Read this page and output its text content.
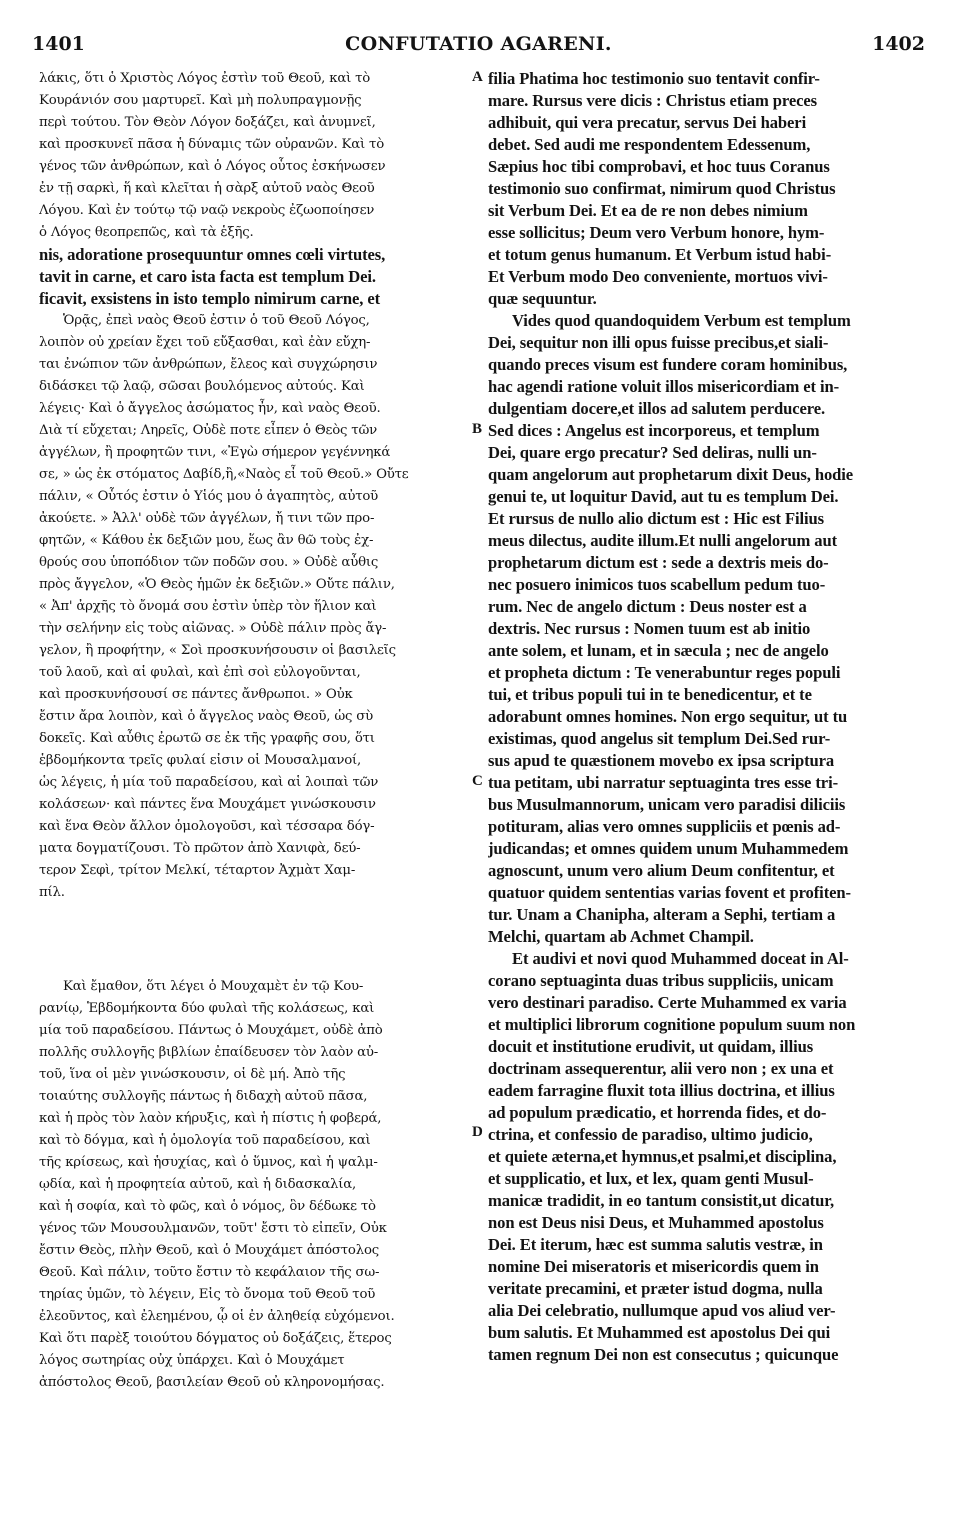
1401	CONFUTATIO AGARENI.	1402
λάκις, ὅτι ὁ Χριστὸς Λόγος ἐστὶν τοῦ Θεοῦ, καὶ τὸ
Κουράνιόν σου μαρτυρεῖ. Καὶ μὴ πολυπραγμονῇς
περὶ τούτου. Τὸν Θεὸν Λόγον δοξάζει, καὶ ἀνυμνεῖ,
καὶ προσκυνεῖ πᾶσα ἡ δύναμις τῶν οὐρανῶν. Καὶ τὸ
γένος τῶν ἀνθρώπων, καὶ ὁ Λόγος οὗτος ἐσκήνωσεν
ἐν τῇ σαρκὶ, ἥ καὶ κλεῖται ἡ σὰρξ αὐτοῦ ναὸς Θεοῦ
Λόγου. Καὶ ἐν τούτῳ τῷ ναῷ νεκροὺς ἐζωοποίησεν
ὁ Λόγος θεοπρεπῶς, καὶ τὰ ἑξῆς.
nis, adoratione prosequuntur omnes cœli virtutes,
tavit in carne, et caro ista facta est templum Dei.
ficavit, exsistens in isto templo nimirum carne, et
Ὁρᾷς, ἐπεὶ ναὸς Θεοῦ ἐστιν ὁ τοῦ Θεοῦ Λόγος,
λοιπὸν οὐ χρείαν ἔχει τοῦ εὔξασθαι, καὶ ἐὰν εὔχη-
ται ἐνώπιον τῶν ἀνθρώπων, ἔλεος καὶ συγχώρησιν
διδάσκει τῷ λαῷ, σῶσαι βουλόμενος αὐτούς. Καὶ
λέγεις· Καὶ ὁ ἄγγελος ἀσώματος ἦν, καὶ ναὸς Θεοῦ.
Διὰ τί εὔχεται; Ληρεῖς, Οὐδὲ ποτε εἶπεν ὁ Θεὸς τῶν
ἀγγέλων, ἢ προφητῶν τινι, «Ἐγὼ σήμερον γεγέννηκά
σε, » ὡς ἐκ στόματος Δαβίδ,ἢ,«Ναὸς εἶ τοῦ Θεοῦ.» Οὔτε
πάλιν, « Οὗτός ἐστιν ὁ Υἱός μου ὁ ἀγαπητὸς, αὐτοῦ
ἀκούετε. » Ἀλλ' οὐδὲ τῶν ἀγγέλων, ἤ τινι τῶν προ-
φητῶν, « Κάθου ἐκ δεξιῶν μου, ἕως ἂν θῶ τοὺς ἐχ-
θρούς σου ὑποπόδιον τῶν ποδῶν σου. » Οὐδὲ αὖθις
πρὸς ἄγγελον, «Ὁ Θεὸς ἡμῶν ἐκ δεξιῶν.» Οὔτε πάλιν,
« Ἀπ' ἀρχῆς τὸ ὄνομά σου ἐστὶν ὑπὲρ τὸν ἥλιον καὶ
τὴν σελήνην εἰς τοὺς αἰῶνας. » Οὐδὲ πάλιν πρὸς ἄγ-
γελον, ἢ προφήτην, « Σοὶ προσκυνήσουσιν οἱ βασιλεῖς
τοῦ λαοῦ, καὶ αἱ φυλαὶ, καὶ ἐπὶ σοὶ εὐλογοῦνται,
καὶ προσκυνήσουσί σε πάντες ἄνθρωποι. » Οὐκ
ἔστιν ἄρα λοιπὸν, καὶ ὁ ἄγγελος ναὸς Θεοῦ, ὡς σὺ
δοκεῖς. Καὶ αὖθις ἐρωτῶ σε ἐκ τῆς γραφῆς σου, ὅτι
ἑβδομήκοντα τρεῖς φυλαί εἰσιν οἱ Μουσαλμανοί,
ὡς λέγεις, ἡ μία τοῦ παραδείσου, καὶ αἱ λοιπαὶ τῶν
κολάσεων· καὶ πάντες ἕνα Μουχάμετ γινώσκουσιν
καὶ ἕνα Θεὸν ἄλλον ὁμολογοῦσι, καὶ τέσσαρα δόγ-
ματα δογματίζουσι. Τὸ πρῶτον ἀπὸ Χανιφὰ, δεύ-
τερον Σεφὶ, τρίτον Μελκί, τέταρτον Ἀχμὰτ Χαμ-
πίλ.
Καὶ ἔμαθον, ὅτι λέγει ὁ Μουχαμὲτ ἐν τῷ Κου-
ρανίῳ, Ἑβδομήκοντα δύο φυλαὶ τῆς κολάσεως, καὶ
μία τοῦ παραδείσου. Πάντως ὁ Μουχάμετ, οὐδὲ ἀπὸ
πολλῆς συλλογῆς βιβλίων ἐπαίδευσεν τὸν λαὸν αὐ-
τοῦ, ἵνα οἱ μὲν γινώσκουσιν, οἱ δὲ μή. Ἀπὸ τῆς
τοιαύτης συλλογῆς πάντως ἡ διδαχὴ αὐτοῦ πᾶσα,
καὶ ἡ πρὸς τὸν λαὸν κήρυξις, καὶ ἡ πίστις ἡ φοβερά,
καὶ τὸ δόγμα, καὶ ἡ ὁμολογία τοῦ παραδείσου, καὶ
τῆς κρίσεως, καὶ ἡσυχίας, καὶ ὁ ὕμνος, καὶ ἡ ψαλμ-
ῳδία, καὶ ἡ προφητεία αὐτοῦ, καὶ ἡ διδασκαλία,
καὶ ἡ σοφία, καὶ τὸ φῶς, καὶ ὁ νόμος, ὃν δέδωκε τὸ
γένος τῶν Μουσουλμανῶν, τοῦτ' ἔστι τὸ εἰπεῖν, Οὐκ
ἔστιν Θεὸς, πλὴν Θεοῦ, καὶ ὁ Μουχάμετ ἀπόστολος
Θεοῦ. Καὶ πάλιν, τοῦτο ἔστιν τὸ κεφάλαιον τῆς σω-
τηρίας ὑμῶν, τὸ λέγειν, Εἰς τὸ ὄνομα τοῦ Θεοῦ τοῦ
ἐλεοῦντος, καὶ ἐλεημένου, ᾧ οἱ ἐν ἀληθείᾳ εὐχόμενοι.
Καὶ ὅτι παρὲξ τοιούτου δόγματος οὐ δοξάζεις, ἕτερος
λόγος σωτηρίας οὐχ ὑπάρχει. Καὶ ὁ Μουχάμετ
ἀπόστολος Θεοῦ, βασιλείαν Θεοῦ οὐ κληρονομήσας.
filia Phatima hoc testimonio suo tentavit confir-
mare. Rursus vere dicis : Christus etiam preces
adhibuit, qui vera precatur, servus Dei haberi
debet. Sed audi me respondentem Edessenum,
Sæpius hoc tibi comprobavi, et hoc tuus Coranus
testimonio suo confirmat, nimirum quod Christus
sit Verbum Dei. Et ea de re non debes nimium
esse sollicitus; Deum vero Verbum honore, hym-
et totum genus humanum. Et Verbum istud habi-
Et Verbum modo Deo conveniente, mortuos vivi-
quæ sequuntur.
Vides quod quandoquidem Verbum est templum
Dei, sequitur non illi opus fuisse precibus,et siali-
quando preces visum est fundere coram hominibus,
hac agendi ratione voluit illos misericordiam et in-
dulgentiam docere,et illos ad salutem perducere.
Sed dices : Angelus est incorporeus, et templum
Dei, quare ergo precatur? Sed deliras, nulli un-
quam angelorum aut prophetarum dixit Deus, hodie
genui te, ut loquitur David, aut tu es templum Dei.
Et rursus de nullo alio dictum est : Hic est Filius
meus dilectus, audite illum.Et nulli angelorum aut
prophetarum dictum est : sede a dextris meis do-
nec posuero inimicos tuos scabellum pedum tuo-
rum. Nec de angelo dictum : Deus noster est a
dextris. Nec rursus : Nomen tuum est ab initio
ante solem, et lunam, et in sæcula ; nec de angelo
et propheta dictum : Te venerabuntur reges populi
tui, et tribus populi tui in te benedicentur, et te
adorabunt omnes homines. Non ergo sequitur, ut tu
existimas, quod angelus sit templum Dei.Sed rur-
sus apud te quæstionem movebo ex ipsa scriptura
tua petitam, ubi narratur septuaginta tres esse tri-
bus Musulmannorum, unicam vero paradisi diliciis
potituram, alias vero omnes suppliciis et pœnis ad-
judicandas; et omnes quidem unum Muhammedem
agnoscunt, unum vero alium Deum confitentur, et
quatuor quidem sententias varias fovent et profiten-
tur. Unam a Chanipha, alteram a Sephi, tertiam a
Melchi, quartam ab Achmet Champil.
Et audivi et novi quod Muhammed doceat in Al-
corano septuaginta duas tribus suppliciis, unicam
vero destinari paradiso. Certe Muhammed ex varia
et multiplici librorum cognitione populum suum non
docuit et institutione erudivit, ut quidam, illius
doctrinam assequerentur, alii vero non ; ex una et
eadem farragine fluxit tota illius doctrina, et illius
ad populum prædicatio, et horrenda fides, et do-
ctrina, et confessio de paradiso, ultimo judicio,
et quiete æterna,et hymnus,et psalmi,et disciplina,
et supplicatio, et lux, et lex, quam genti Musul-
manicæ tradidit, in eo tantum consistit,ut dicatur,
non est Deus nisi Deus, et Muhammed apostolus
Dei. Et iterum, hæc est summa salutis vestræ, in
nomine Dei miseratoris et misericordis quem in
veritate precamini, et præter istud dogma, nulla
alia Dei celebratio, nullumque apud vos aliud ver-
bum salutis. Et Muhammed est apostolus Dei qui
tamen regnum Dei non est consecutus ; quicunque
A
B
C
D
